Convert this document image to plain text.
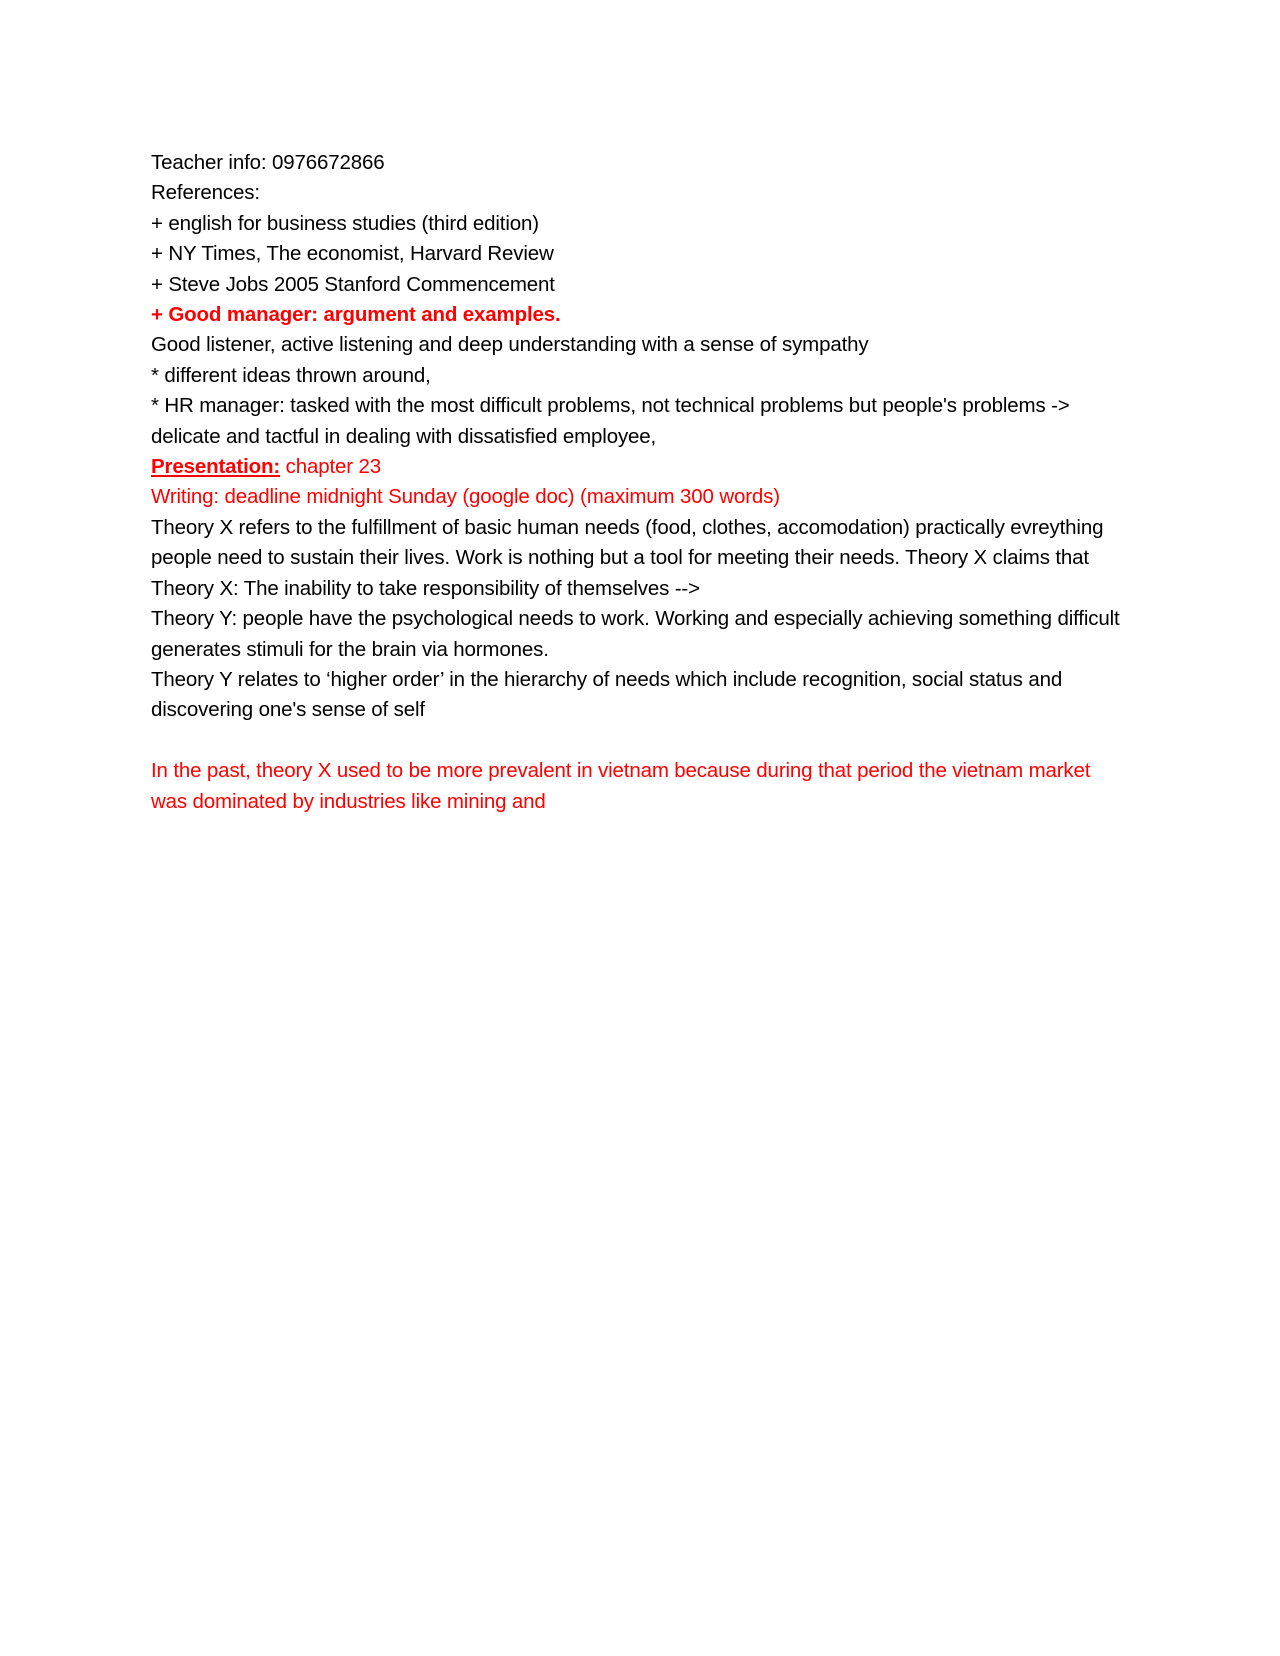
Teacher info: 0976672866

References:

+ english for business studies (third edition)

+ NY Times, The economist, Harvard Review

+ Steve Jobs 2005 Stanford Commencement

+ Good manager: argument and examples.

Good listener, active listening and deep understanding with a sense of sympathy

* different ideas thrown around,

* HR manager: tasked with the most difficult problems, not technical problems but people's problems -> delicate and tactful in dealing with dissatisfied employee,

Presentation: chapter 23

Writing: deadline midnight Sunday (google doc) (maximum 300 words)

Theory X refers to the fulfillment of basic human needs (food, clothes, accomodation) practically evreything people need to sustain their lives. Work is nothing but a tool for meeting their needs. Theory X claims that

Theory X: The inability to take responsibility of themselves -->

Theory Y: people have the psychological needs to work. Working and especially achieving something difficult generates stimuli for the brain via hormones.

Theory Y relates to ‘higher order’ in the hierarchy of needs which include recognition, social status and discovering one's sense of self

In the past, theory X used to be more prevalent in vietnam because during that period the vietnam market was dominated by industries like mining and
